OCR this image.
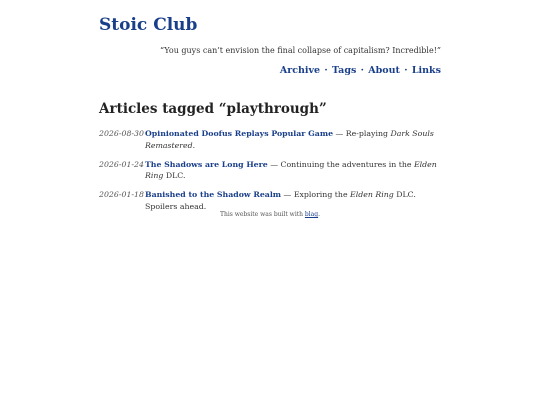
Stoic Club
“You guys can’t envision the final collapse of capitalism? Incredible!”
Archive · Tags · About · Links
Articles tagged “playthrough”
2026-08-30 Opinionated Doofus Replays Popular Game — Re-playing Dark Souls Remastered.
2026-01-24 The Shadows are Long Here — Continuing the adventures in the Elden Ring DLC.
2026-01-18 Banished to the Shadow Realm — Exploring the Elden Ring DLC. Spoilers ahead.
This website was built with blag.
